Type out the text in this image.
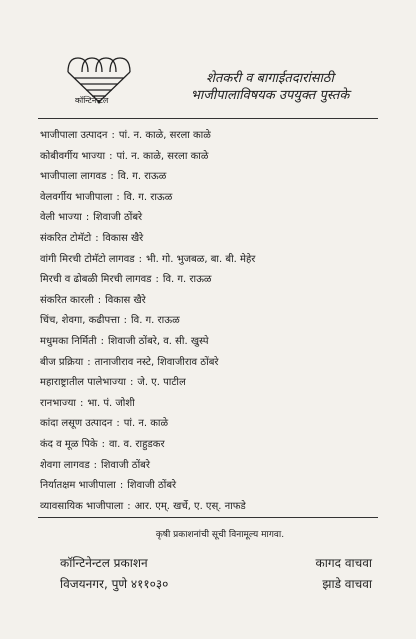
कॉन्टिनेन्टल
शेतकरी व बागाईतदारांसाठी
भाजीपालाविषयक उपयुक्त पुस्तके
भाजीपाला उत्पादन : पां. न. काळे, सरला काळे
कोबीवर्गीय भाज्या : पां. न. काळे, सरला काळे
भाजीपाला लागवड : वि. ग. राऊळ
वेलवर्गीय भाजीपाला : वि. ग. राऊळ
वेली भाज्या : शिवाजी ठोंबरे
संकरित टोमॅटो : विकास खैरे
वांगी मिरची टोमॅटो लागवड : भी. गो. भुजबळ, बा. बी. मेहेर
मिरची व ढोबळी मिरची लागवड : वि. ग. राऊळ
संकरित कारली : विकास खैरे
चिंच, शेवगा, कढीपत्ता : वि. ग. राऊळ
मधुमका निर्मिती : शिवाजी ठोंबरे, व. सी. खुस्पे
बीज प्रक्रिया : तानाजीराव नस्टे, शिवाजीराव ठोंबरे
महाराष्ट्रातील पालेभाज्या : जे. ए. पाटील
रानभाज्या : भा. पं. जोशी
कांदा लसूण उत्पादन : पां. न. काळे
कंद व मूळ पिके : वा. व. राहुडकर
शेवगा लागवड : शिवाजी ठोंबरे
निर्यातक्षम भाजीपाला : शिवाजी ठोंबरे
व्यावसायिक भाजीपाला : आर. एम्. खर्चे, ए. एस्. नाफडे
कृषी प्रकाशनांची सूची विनामूल्य मागवा.
कॉन्टिनेन्टल प्रकाशन
विजयनगर, पुणे ४११०३०
कागद वाचवा
झाडे वाचवा
